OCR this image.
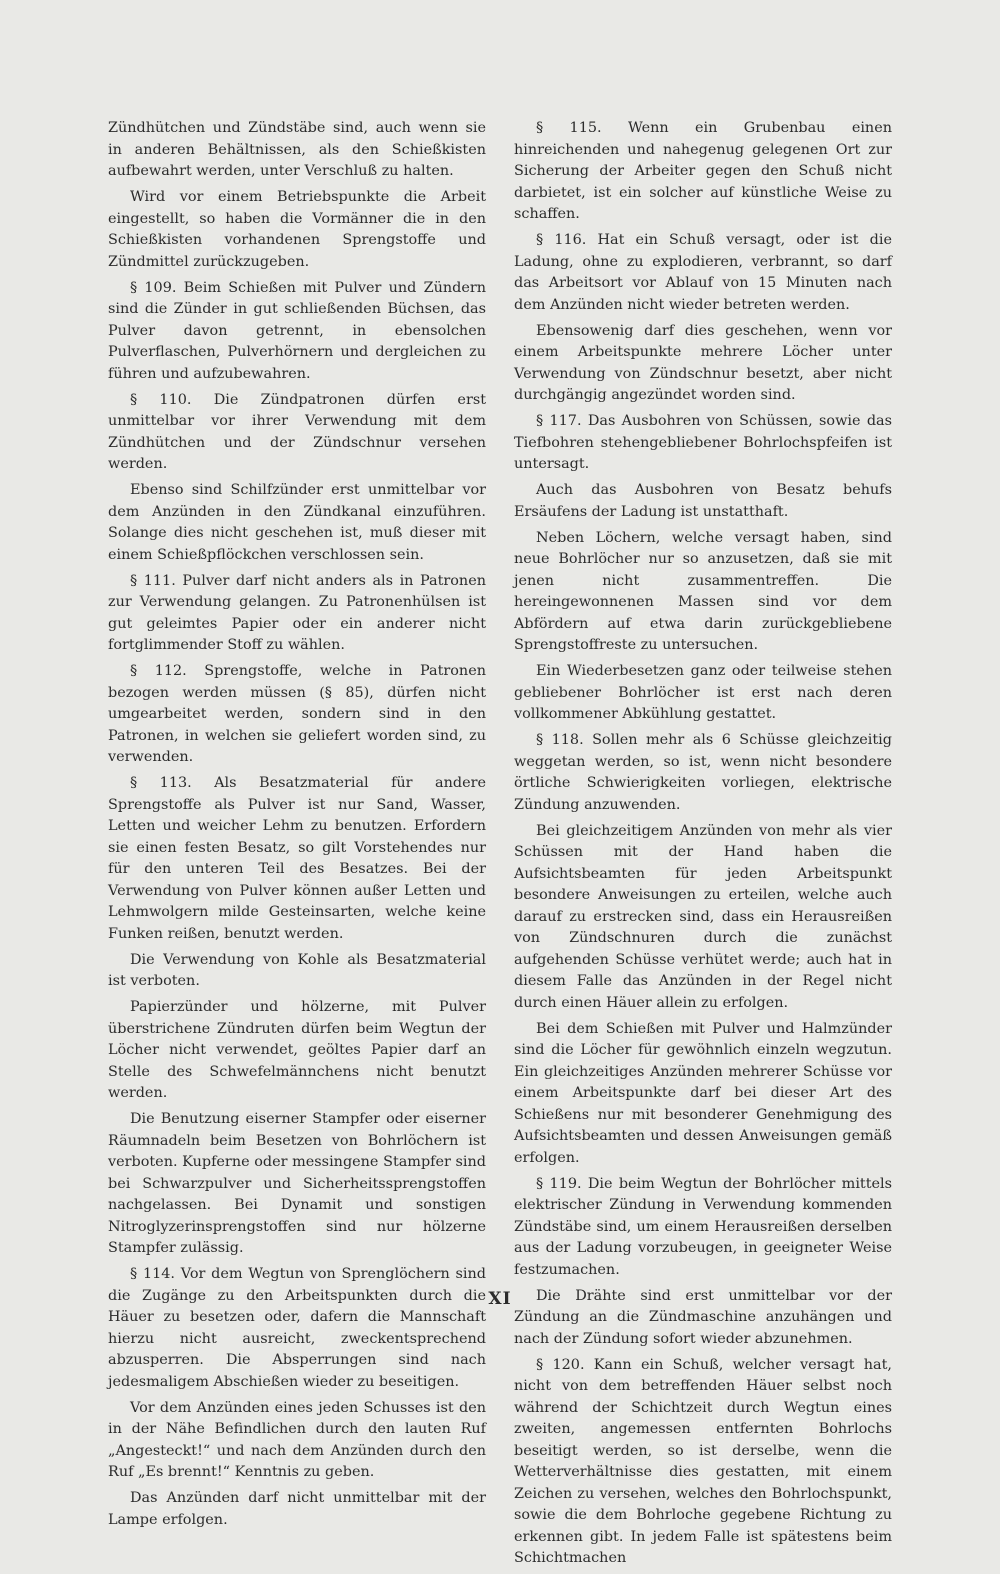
Zündhütchen und Zündstäbe sind, auch wenn sie in anderen Behältnissen, als den Schießkisten aufbewahrt werden, unter Verschluß zu halten.

Wird vor einem Betriebspunkte die Arbeit eingestellt, so haben die Vormänner die in den Schießkisten vorhandenen Sprengstoffe und Zündmittel zurückzugeben.

§ 109. Beim Schießen mit Pulver und Zündern sind die Zünder in gut schließenden Büchsen, das Pulver davon getrennt, in ebensolchen Pulverflaschen, Pulverhörnern und dergleichen zu führen und aufzubewahren.

§ 110. Die Zündpatronen dürfen erst unmittelbar vor ihrer Verwendung mit dem Zündhütchen und der Zündschnur versehen werden.

Ebenso sind Schilfzünder erst unmittelbar vor dem Anzünden in den Zündkanal einzuführen. Solange dies nicht geschehen ist, muß dieser mit einem Schießpflöckchen verschlossen sein.

§ 111. Pulver darf nicht anders als in Patronen zur Verwendung gelangen. Zu Patronenhülsen ist gut geleimtes Papier oder ein anderer nicht fortglimmender Stoff zu wählen.

§ 112. Sprengstoffe, welche in Patronen bezogen werden müssen (§ 85), dürfen nicht umgearbeitet werden, sondern sind in den Patronen, in welchen sie geliefert worden sind, zu verwenden.

§ 113. Als Besatzmaterial für andere Sprengstoffe als Pulver ist nur Sand, Wasser, Letten und weicher Lehm zu benutzen. Erfordern sie einen festen Besatz, so gilt Vorstehendes nur für den unteren Teil des Besatzes. Bei der Verwendung von Pulver können außer Letten und Lehmwolgern milde Gesteinsarten, welche keine Funken reißen, benutzt werden.

Die Verwendung von Kohle als Besatzmaterial ist verboten.

Papierzünder und hölzerne, mit Pulver überstrichene Zündruten dürfen beim Wegtun der Löcher nicht verwendet, geöltes Papier darf an Stelle des Schwefelmännchens nicht benutzt werden.

Die Benutzung eiserner Stampfer oder eiserner Räumnadeln beim Besetzen von Bohrlöchern ist verboten. Kupferne oder messingene Stampfer sind bei Schwarzpulver und Sicherheitssprengstoffen nachgelassen. Bei Dynamit und sonstigen Nitroglyzerinsprengstoffen sind nur hölzerne Stampfer zulässig.

§ 114. Vor dem Wegtun von Sprenglöchern sind die Zugänge zu den Arbeitspunkten durch die Häuer zu besetzen oder, dafern die Mannschaft hierzu nicht ausreicht, zweckentsprechend abzusperren. Die Absperrungen sind nach jedesmaligem Abschießen wieder zu beseitigen.

Vor dem Anzünden eines jeden Schusses ist den in der Nähe Befindlichen durch den lauten Ruf „Angesteckt!“ und nach dem Anzünden durch den Ruf „Es brennt!“ Kenntnis zu geben.

Das Anzünden darf nicht unmittelbar mit der Lampe erfolgen.

§ 115. Wenn ein Grubenbau einen hinreichenden und nahegenug gelegenen Ort zur Sicherung der Arbeiter gegen den Schuß nicht darbietet, ist ein solcher auf künstliche Weise zu schaffen.

§ 116. Hat ein Schuß versagt, oder ist die Ladung, ohne zu explodieren, verbrannt, so darf das Arbeitsort vor Ablauf von 15 Minuten nach dem Anzünden nicht wieder betreten werden.

Ebensowenig darf dies geschehen, wenn vor einem Arbeitspunkte mehrere Löcher unter Verwendung von Zündschnur besetzt, aber nicht durchgängig angezündet worden sind.

§ 117. Das Ausbohren von Schüssen, sowie das Tiefbohren stehengebliebener Bohrlochspfeifen ist untersagt.

Auch das Ausbohren von Besatz behufs Ersäufens der Ladung ist unstatthaft.

Neben Löchern, welche versagt haben, sind neue Bohrlöcher nur so anzusetzen, daß sie mit jenen nicht zusammentreffen. Die hereingewonnenen Massen sind vor dem Abfördern auf etwa darin zurückgebliebene Sprengstoffreste zu untersuchen.

Ein Wiederbesetzen ganz oder teilweise stehen gebliebener Bohrlöcher ist erst nach deren vollkommener Abkühlung gestattet.

§ 118. Sollen mehr als 6 Schüsse gleichzeitig weggetan werden, so ist, wenn nicht besondere örtliche Schwierigkeiten vorliegen, elektrische Zündung anzuwenden.

Bei gleichzeitigem Anzünden von mehr als vier Schüssen mit der Hand haben die Aufsichtsbeamten für jeden Arbeitspunkt besondere Anweisungen zu erteilen, welche auch darauf zu erstrecken sind, dass ein Herausreißen von Zündschnuren durch die zunächst aufgehenden Schüsse verhütet werde; auch hat in diesem Falle das Anzünden in der Regel nicht durch einen Häuer allein zu erfolgen.

Bei dem Schießen mit Pulver und Halmzünder sind die Löcher für gewöhnlich einzeln wegzutun. Ein gleichzeitiges Anzünden mehrerer Schüsse vor einem Arbeitspunkte darf bei dieser Art des Schießens nur mit besonderer Genehmigung des Aufsichtsbeamten und dessen Anweisungen gemäß erfolgen.

§ 119. Die beim Wegtun der Bohrlöcher mittels elektrischer Zündung in Verwendung kommenden Zündstäbe sind, um einem Herausreißen derselben aus der Ladung vorzubeugen, in geeigneter Weise festzumachen.

Die Drähte sind erst unmittelbar vor der Zündung an die Zündmaschine anzuhängen und nach der Zündung sofort wieder abzunehmen.

§ 120. Kann ein Schuß, welcher versagt hat, nicht von dem betreffenden Häuer selbst noch während der Schichtzeit durch Wegtun eines zweiten, angemessen entfernten Bohrlochs beseitigt werden, so ist derselbe, wenn die Wetterverhältnisse dies gestatten, mit einem Zeichen zu versehen, welches den Bohrlochspunkt, sowie die dem Bohrloche gegebene Richtung zu erkennen gibt. In jedem Falle ist spätestens beim Schichtmachen

XI
